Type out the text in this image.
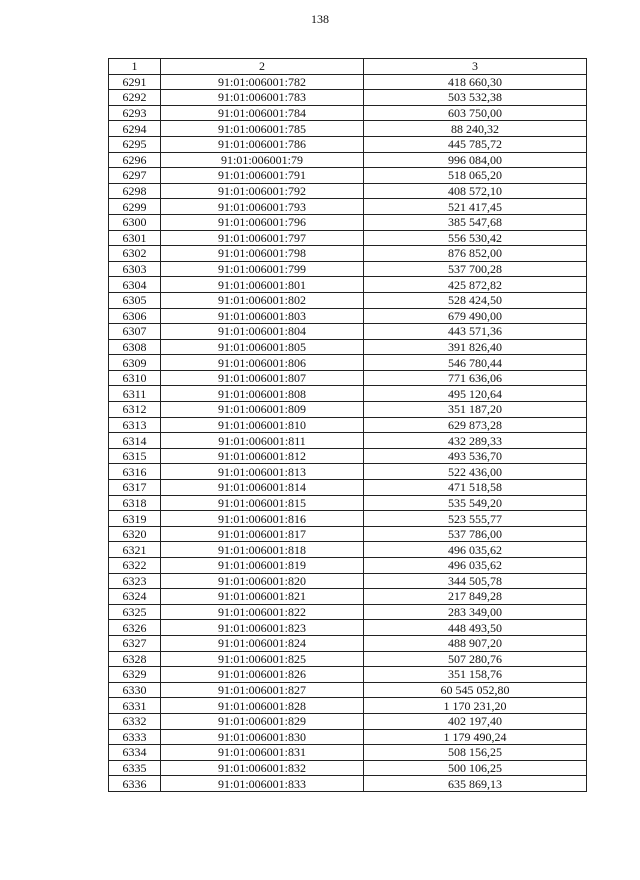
138
1	2	3
6291	91:01:006001:782	418 660,30
6292	91:01:006001:783	503 532,38
6293	91:01:006001:784	603 750,00
6294	91:01:006001:785	88 240,32
6295	91:01:006001:786	445 785,72
6296	91:01:006001:79	996 084,00
6297	91:01:006001:791	518 065,20
6298	91:01:006001:792	408 572,10
6299	91:01:006001:793	521 417,45
6300	91:01:006001:796	385 547,68
6301	91:01:006001:797	556 530,42
6302	91:01:006001:798	876 852,00
6303	91:01:006001:799	537 700,28
6304	91:01:006001:801	425 872,82
6305	91:01:006001:802	528 424,50
6306	91:01:006001:803	679 490,00
6307	91:01:006001:804	443 571,36
6308	91:01:006001:805	391 826,40
6309	91:01:006001:806	546 780,44
6310	91:01:006001:807	771 636,06
6311	91:01:006001:808	495 120,64
6312	91:01:006001:809	351 187,20
6313	91:01:006001:810	629 873,28
6314	91:01:006001:811	432 289,33
6315	91:01:006001:812	493 536,70
6316	91:01:006001:813	522 436,00
6317	91:01:006001:814	471 518,58
6318	91:01:006001:815	535 549,20
6319	91:01:006001:816	523 555,77
6320	91:01:006001:817	537 786,00
6321	91:01:006001:818	496 035,62
6322	91:01:006001:819	496 035,62
6323	91:01:006001:820	344 505,78
6324	91:01:006001:821	217 849,28
6325	91:01:006001:822	283 349,00
6326	91:01:006001:823	448 493,50
6327	91:01:006001:824	488 907,20
6328	91:01:006001:825	507 280,76
6329	91:01:006001:826	351 158,76
6330	91:01:006001:827	60 545 052,80
6331	91:01:006001:828	1 170 231,20
6332	91:01:006001:829	402 197,40
6333	91:01:006001:830	1 179 490,24
6334	91:01:006001:831	508 156,25
6335	91:01:006001:832	500 106,25
6336	91:01:006001:833	635 869,13
